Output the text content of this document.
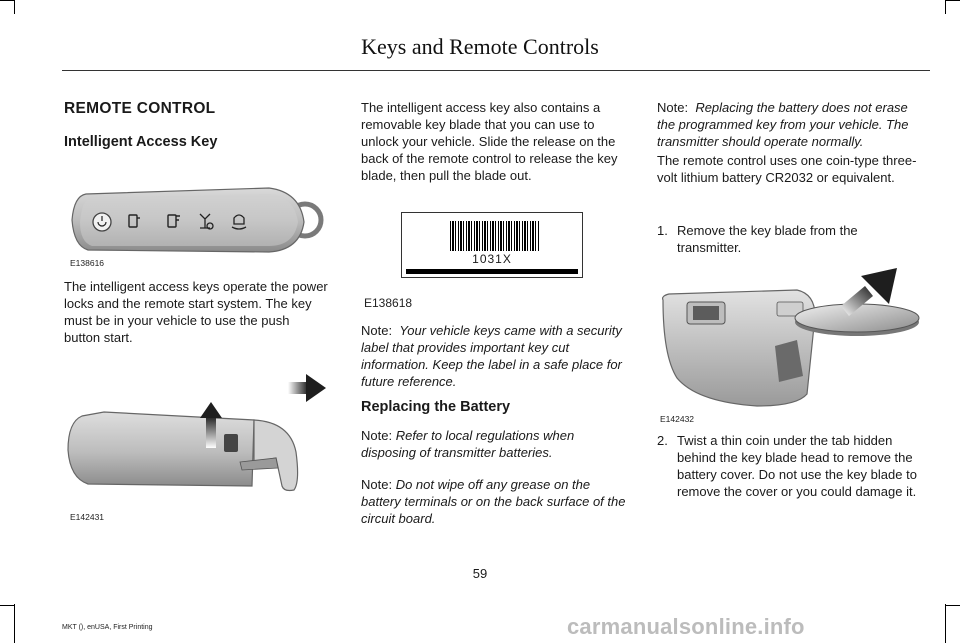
Keys and Remote Controls
REMOTE CONTROL
Intelligent Access Key
E138616

The intelligent access keys operate the power locks and the remote start system. The key must be in your vehicle to use the push button start.

E142431

The intelligent access key also contains a removable key blade that you can use to unlock your vehicle. Slide the release on the back of the remote control to release the key blade, then pull the blade out.

1031X
E138618

Note: Your vehicle keys came with a security label that provides important key cut information. Keep the label in a safe place for future reference.

Replacing the Battery

Note: Refer to local regulations when disposing of transmitter batteries.

Note: Do not wipe off any grease on the battery terminals or on the back surface of the circuit board.

Note: Replacing the battery does not erase the programmed key from your vehicle. The transmitter should operate normally.

The remote control uses one coin-type three-volt lithium battery CR2032 or equivalent.

1. Remove the key blade from the transmitter.

E142432

2. Twist a thin coin under the tab hidden behind the key blade head to remove the battery cover. Do not use the key blade to remove the cover or you could damage it.

59
MKT (), enUSA, First Printing	carmanualsonline.info
